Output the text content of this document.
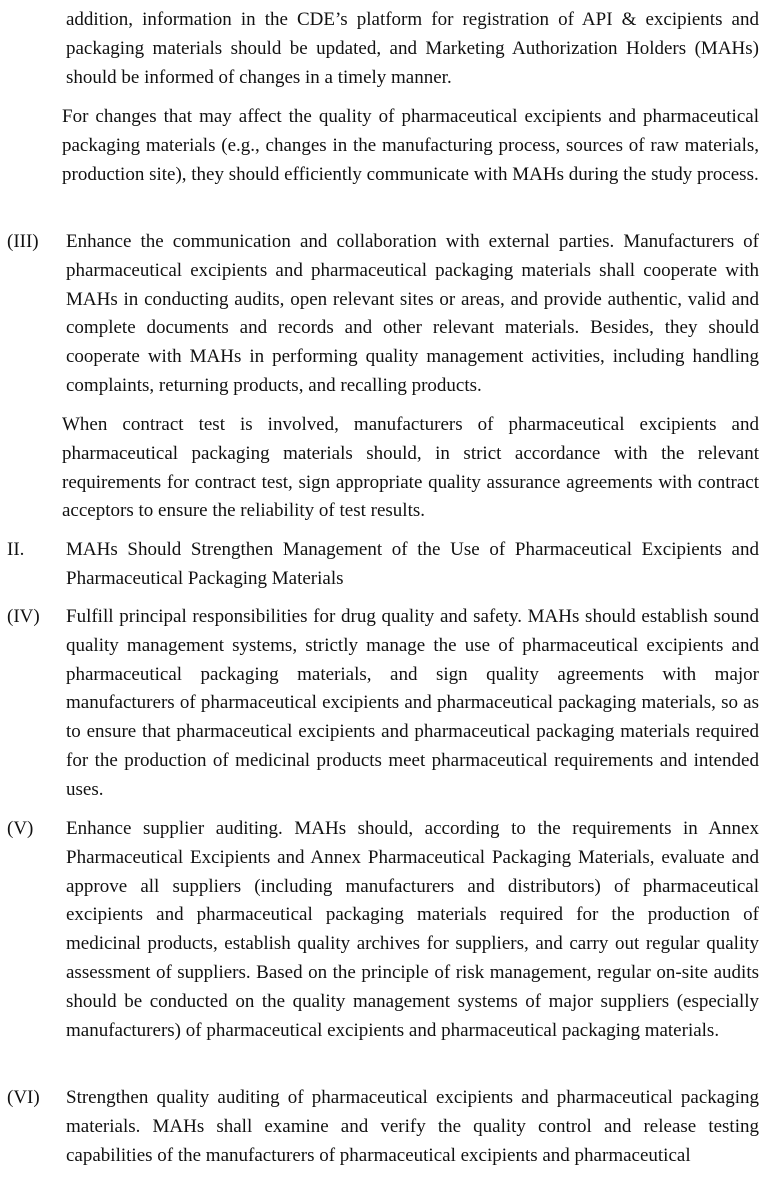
addition, information in the CDE’s platform for registration of API & excipients and packaging materials should be updated, and Marketing Authorization Holders (MAHs) should be informed of changes in a timely manner.

For changes that may affect the quality of pharmaceutical excipients and pharmaceutical packaging materials (e.g., changes in the manufacturing process, sources of raw materials, production site), they should efficiently communicate with MAHs during the study process.

(III) Enhance the communication and collaboration with external parties. Manufacturers of pharmaceutical excipients and pharmaceutical packaging materials shall cooperate with MAHs in conducting audits, open relevant sites or areas, and provide authentic, valid and complete documents and records and other relevant materials. Besides, they should cooperate with MAHs in performing quality management activities, including handling complaints, returning products, and recalling products.

When contract test is involved, manufacturers of pharmaceutical excipients and pharmaceutical packaging materials should, in strict accordance with the relevant requirements for contract test, sign appropriate quality assurance agreements with contract acceptors to ensure the reliability of test results.

II. MAHs Should Strengthen Management of the Use of Pharmaceutical Excipients and Pharmaceutical Packaging Materials

(IV) Fulfill principal responsibilities for drug quality and safety. MAHs should establish sound quality management systems, strictly manage the use of pharmaceutical excipients and pharmaceutical packaging materials, and sign quality agreements with major manufacturers of pharmaceutical excipients and pharmaceutical packaging materials, so as to ensure that pharmaceutical excipients and pharmaceutical packaging materials required for the production of medicinal products meet pharmaceutical requirements and intended uses.

(V) Enhance supplier auditing. MAHs should, according to the requirements in Annex Pharmaceutical Excipients and Annex Pharmaceutical Packaging Materials, evaluate and approve all suppliers (including manufacturers and distributors) of pharmaceutical excipients and pharmaceutical packaging materials required for the production of medicinal products, establish quality archives for suppliers, and carry out regular quality assessment of suppliers. Based on the principle of risk management, regular on-site audits should be conducted on the quality management systems of major suppliers (especially manufacturers) of pharmaceutical excipients and pharmaceutical packaging materials.

(VI) Strengthen quality auditing of pharmaceutical excipients and pharmaceutical packaging materials. MAHs shall examine and verify the quality control and release testing capabilities of the manufacturers of pharmaceutical excipients and pharmaceutical
